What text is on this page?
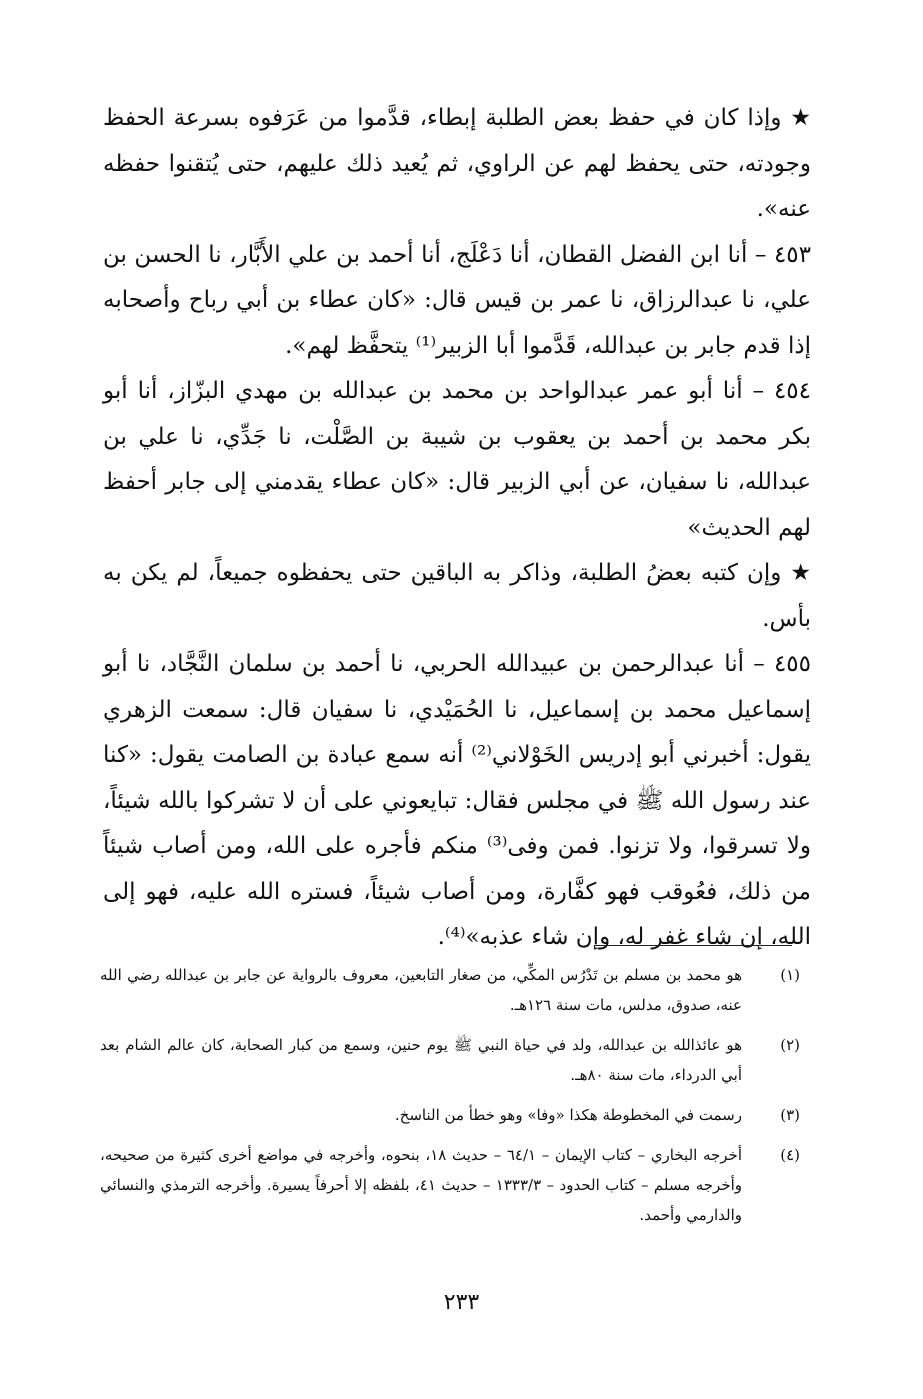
★ وإذا كان في حفظ بعض الطلبة إبطاء، قدَّموا من عَرَفوه بسرعة الحفظ وجودته، حتى يحفظ لهم عن الراوي، ثم يُعيد ذلك عليهم، حتى يُتقنوا حفظه عنه».

٤٥٣ – أنا ابن الفضل القطان، أنا دَعْلَج، أنا أحمد بن علي الأَبَّار، نا الحسن بن علي، نا عبدالرزاق، نا عمر بن قيس قال: «كان عطاء بن أبي رباح وأصحابه إذا قدم جابر بن عبدالله، قَدَّموا أبا الزبير⁽¹⁾ يتحفَّظ لهم».

٤٥٤ – أنا أبو عمر عبدالواحد بن محمد بن عبدالله بن مهدي البزّاز، أنا أبو بكر محمد بن أحمد بن يعقوب بن شيبة بن الصَّلْت، نا جَدِّي، نا علي بن عبدالله، نا سفيان، عن أبي الزبير قال: «كان عطاء يقدمني إلى جابر أحفظ لهم الحديث»

★ وإن كتبه بعضُ الطلبة، وذاكر به الباقين حتى يحفظوه جميعاً، لم يكن به بأس.

٤٥٥ – أنا عبدالرحمن بن عبيدالله الحربي، نا أحمد بن سلمان النَّجَّاد، نا أبو إسماعيل محمد بن إسماعيل، نا الحُمَيْدي، نا سفيان قال: سمعت الزهري يقول: أخبرني أبو إدريس الخَوْلاني⁽²⁾ أنه سمع عبادة بن الصامت يقول: «كنا عند رسول الله ﷺ في مجلس فقال: تبايعوني على أن لا تشركوا بالله شيئاً، ولا تسرقوا، ولا تزنوا. فمن وفى⁽³⁾ منكم فأجره على الله، ومن أصاب شيئاً من ذلك، فعُوقب فهو كفَّارة، ومن أصاب شيئاً، فستره الله عليه، فهو إلى الله، إن شاء غفر له، وإن شاء عذبه»⁽⁴⁾.

(١)
هو محمد بن مسلم بن تَدْرُس المكِّي، من صغار التابعين، معروف بالرواية عن جابر بن عبدالله رضي الله عنه، صدوق، مدلس، مات سنة ١٢٦هـ.
(٢)
هو عائذالله بن عبدالله، ولد في حياة النبي ﷺ يوم حنين، وسمع من كبار الصحابة، كان عالم الشام بعد أبي الدرداء، مات سنة ٨٠هـ.
(٣)
رسمت في المخطوطة هكذا «وفا» وهو خطأ من الناسخ.
(٤)
أخرجه البخاري – كتاب الإيمان – ٦٤/١ – حديث ١٨، بنحوه، وأخرجه في مواضع أخرى كثيرة من صحيحه، وأخرجه مسلم – كتاب الحدود – ١٣٣٣/٣ – حديث ٤١، بلفظه إلا أحرفاً يسيرة. وأخرجه الترمذي والنسائي والدارمي وأحمد.
٢٣٣
